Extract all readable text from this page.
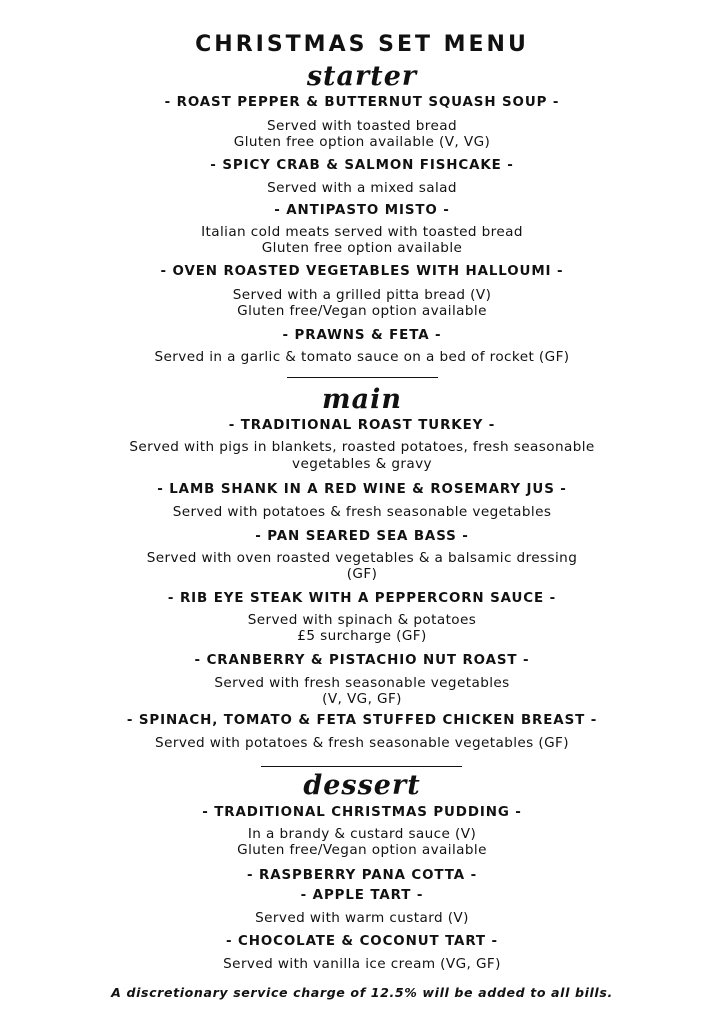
CHRISTMAS SET MENU
starter
- ROAST PEPPER & BUTTERNUT SQUASH SOUP -
Served with toasted bread
Gluten free option available (V, VG)
- SPICY CRAB & SALMON FISHCAKE -
Served with a mixed salad
- ANTIPASTO MISTO -
Italian cold meats served with toasted bread
Gluten free option available
- OVEN ROASTED VEGETABLES WITH HALLOUMI -
Served with a grilled pitta bread (V)
Gluten free/Vegan option available
- PRAWNS & FETA -
Served in a garlic & tomato sauce on a bed of rocket (GF)
main
- TRADITIONAL ROAST TURKEY -
Served with pigs in blankets, roasted potatoes, fresh seasonable
vegetables & gravy
- LAMB SHANK IN A RED WINE & ROSEMARY JUS -
Served with potatoes & fresh seasonable vegetables
- PAN SEARED SEA BASS -
Served with oven roasted vegetables & a balsamic dressing
(GF)
- RIB EYE STEAK WITH A PEPPERCORN SAUCE -
Served with spinach & potatoes
£5 surcharge (GF)
- CRANBERRY & PISTACHIO NUT ROAST -
Served with fresh seasonable vegetables
(V, VG, GF)
- SPINACH, TOMATO & FETA STUFFED CHICKEN BREAST -
Served with potatoes & fresh seasonable vegetables (GF)
dessert
- TRADITIONAL CHRISTMAS PUDDING -
In a brandy & custard sauce (V)
Gluten free/Vegan option available
- RASPBERRY PANA COTTA -
- APPLE TART -
Served with warm custard (V)
- CHOCOLATE & COCONUT TART -
Served with vanilla ice cream (VG, GF)
A discretionary service charge of 12.5% will be added to all bills.
